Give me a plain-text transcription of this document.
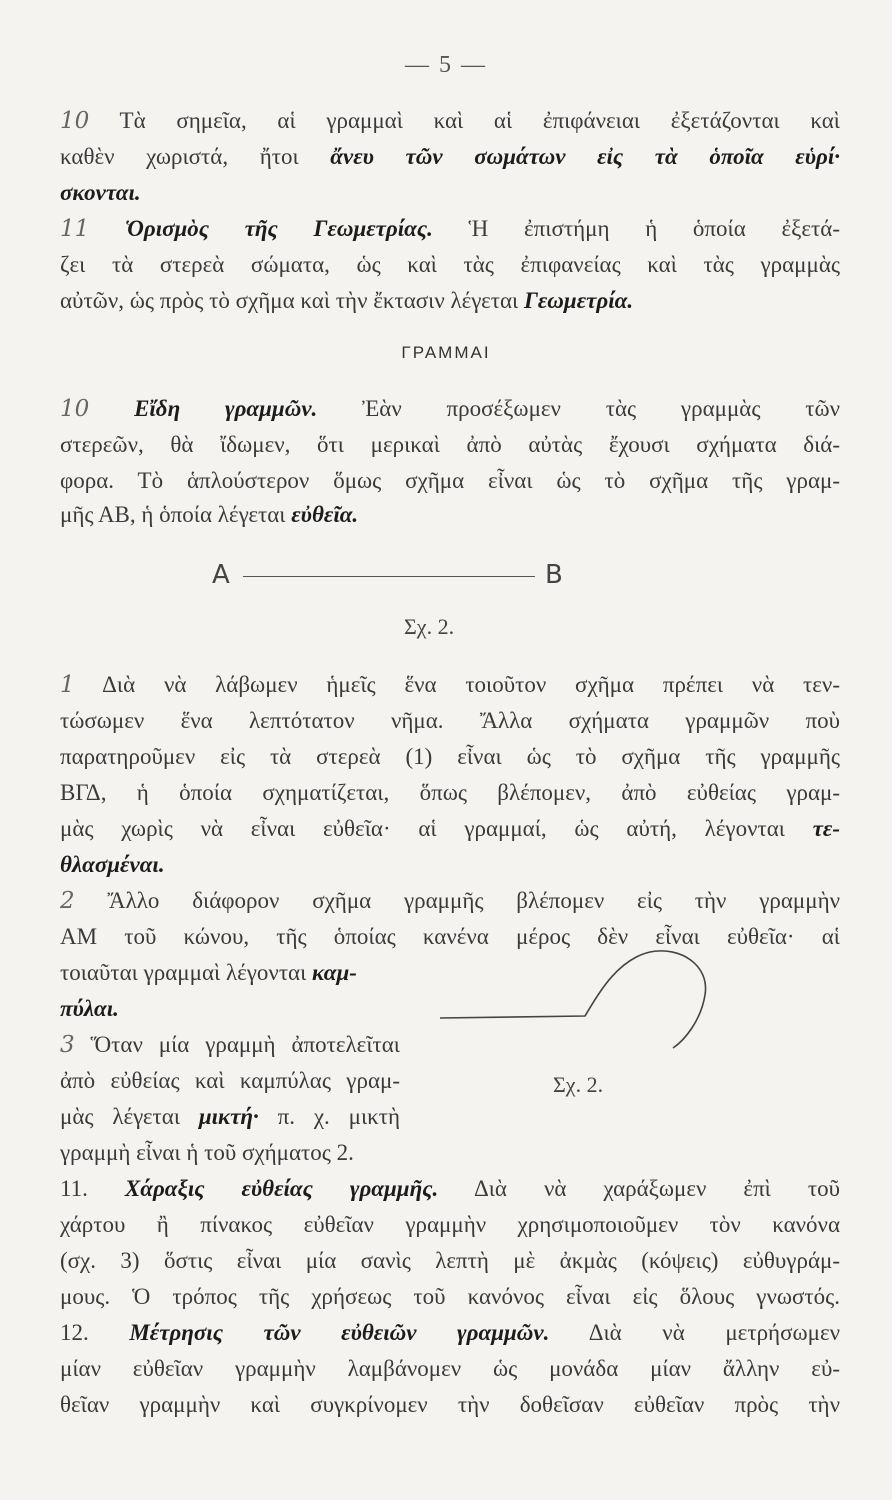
— 5 —
10 Τὰ σημεῖα, αἱ γραμμαὶ καὶ αἱ ἐπιφάνειαι ἐξετάζονται καὶ
καθὲν χωριστά, ἤτοι ἄνευ τῶν σωμάτων εἰς τὰ ὁποῖα εὑρί·
σκονται.
11 Ὁρισμὸς τῆς Γεωμετρίας. Ἡ ἐπιστήμη ἡ ὁποία ἐξετά-
ζει τὰ στερεὰ σώματα, ὡς καὶ τὰς ἐπιφανείας καὶ τὰς γραμμὰς
αὐτῶν, ὡς πρὸς τὸ σχῆμα καὶ τὴν ἔκτασιν λέγεται Γεωμετρία.
ΓΡΑΜΜΑΙ
10 Εἴδη γραμμῶν. Ἐὰν προσέξωμεν τὰς γραμμὰς τῶν
στερεῶν, θὰ ἴδωμεν, ὅτι μερικαὶ ἀπὸ αὐτὰς ἔχουσι σχήματα διά-
φορα. Τὸ ἁπλούστερον ὅμως σχῆμα εἶναι ὡς τὸ σχῆμα τῆς γραμ-
μῆς ΑΒ, ἡ ὁποία λέγεται εὐθεῖα.
A	B
Σχ. 2.
1 Διὰ νὰ λάβωμεν ἡμεῖς ἕνα τοιοῦτον σχῆμα πρέπει νὰ τεν-
τώσωμεν ἕνα λεπτότατον νῆμα. Ἄλλα σχήματα γραμμῶν ποὺ
παρατηροῦμεν εἰς τὰ στερεὰ (1) εἶναι ὡς τὸ σχῆμα τῆς γραμμῆς
ΒΓΔ, ἡ ὁποία σχηματίζεται, ὅπως βλέπομεν, ἀπὸ εὐθείας γραμ-
μὰς χωρὶς νὰ εἶναι εὐθεῖα· αἱ γραμμαί, ὡς αὐτή, λέγονται τε-
θλασμέναι.
2 Ἄλλο διάφορον σχῆμα γραμμῆς βλέπομεν εἰς τὴν γραμμὴν
ΑΜ τοῦ κώνου, τῆς ὁποίας κανένα μέρος δὲν εἶναι εὐθεῖα· αἱ
τοιαῦται γραμμαὶ λέγονται καμ-
πύλαι.
3 Ὅταν μία γραμμὴ ἀποτελεῖται
ἀπὸ εὐθείας καὶ καμπύλας γραμ-
μὰς λέγεται μικτή· π. χ. μικτὴ
γραμμὴ εἶναι ἡ τοῦ σχήματος 2.
Σχ. 2.
11. Χάραξις εὐθείας γραμμῆς. Διὰ νὰ χαράξωμεν ἐπὶ τοῦ
χάρτου ἢ πίνακος εὐθεῖαν γραμμὴν χρησιμοποιοῦμεν τὸν κανόνα
(σχ. 3) ὅστις εἶναι μία σανὶς λεπτὴ μὲ ἀκμὰς (κόψεις) εὐθυγράμ-
μους. Ὁ τρόπος τῆς χρήσεως τοῦ κανόνος εἶναι εἰς ὅλους γνωστός.
12. Μέτρησις τῶν εὐθειῶν γραμμῶν. Διὰ νὰ μετρήσωμεν
μίαν εὐθεῖαν γραμμὴν λαμβάνομεν ὡς μονάδα μίαν ἄλλην εὐ-
θεῖαν γραμμὴν καὶ συγκρίνομεν τὴν δοθεῖσαν εὐθεῖαν πρὸς τὴν
